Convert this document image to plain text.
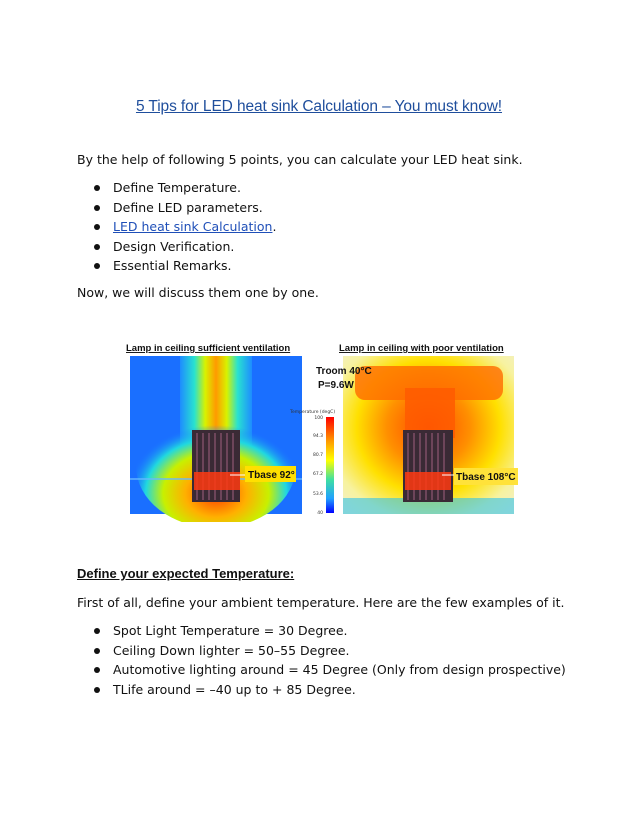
5 Tips for LED heat sink Calculation – You must know!
By the help of following 5 points, you can calculate your LED heat sink.
Define Temperature.
Define LED parameters.
LED heat sink Calculation.
Design Verification.
Essential Remarks.
Now, we will discuss them one by one.
Tbase 92°
Lamp in ceiling sufficient ventilation
Tbase 108°C
Lamp in ceiling with poor ventilation
Troom 40°C
P=9.6W
Temperature (degC)
100
94.3
80.7
67.2
53.6
40
Define your expected Temperature:
First of all, define your ambient temperature. Here are the few examples of it.
Spot Light Temperature = 30 Degree.
Ceiling Down lighter = 50–55 Degree.
Automotive lighting around = 45 Degree (Only from design prospective)
TLife around = –40 up to + 85 Degree.
